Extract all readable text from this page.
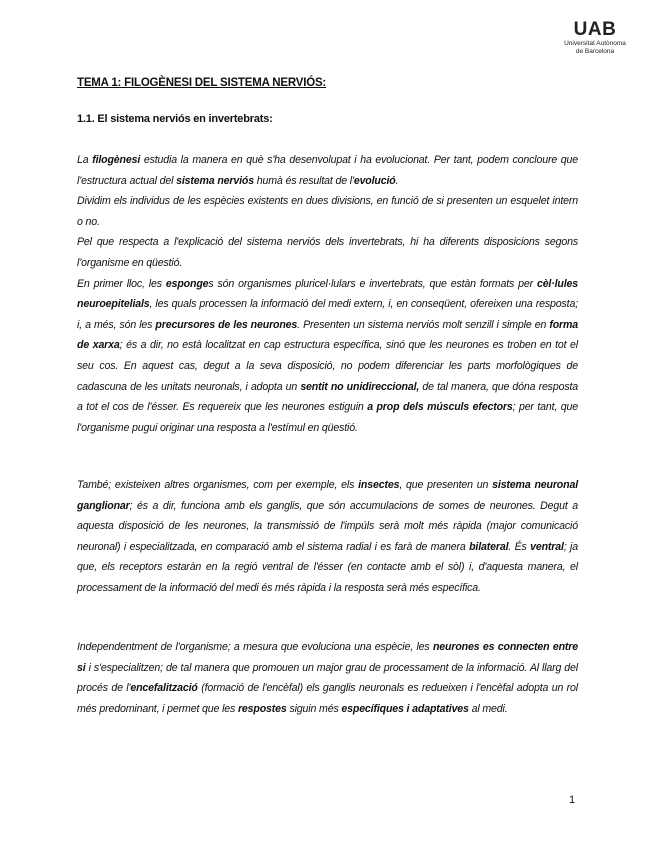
UAB
Universitat Autònoma
de Barcelona
TEMA 1: FILOGÈNESI DEL SISTEMA NERVIÓS:
1.1. El sistema nerviós en invertebrats:

La filogènesi estudia la manera en què s'ha desenvolupat i ha evolucionat. Per tant, podem concloure que l'estructura actual del sistema nerviós humà és resultat de l'evolució.

Dividim els individus de les espècies existents en dues divisions, en funció de si presenten un esquelet intern o no.

Pel que respecta a l'explicació del sistema nerviós dels invertebrats, hi ha diferents disposicions segons l'organisme en qüestió.

En primer lloc, les esponges són organismes pluricel·lulars e invertebrats, que estàn formats per cèl·lules neuroepitelials, les quals processen la informació del medi extern, i, en conseqüent, ofereixen una resposta; i, a més, són les precursores de les neurones. Presenten un sistema nerviós molt senzill i simple en forma de xarxa; és a dir, no està localitzat en cap estructura específica, sinó que les neurones es troben en tot el seu cos. En aquest cas, degut a la seva disposició, no podem diferenciar les parts morfològiques de cadascuna de les unitats neuronals, i adopta un sentit no unidireccional, de tal manera, que dóna resposta a tot el cos de l'ésser. Es requereix que les neurones estiguin a prop dels músculs efectors; per tant, que l'organisme pugui originar una resposta a l'estímul en qüestió.

També; existeixen altres organismes, com per exemple, els insectes, que presenten un sistema neuronal ganglionar; és a dir, funciona amb els ganglis, que són accumulacions de somes de neurones. Degut a aquesta disposició de les neurones, la transmissió de l'impúls serà molt més ràpida (major comunicació neuronal) i especialitzada, en comparació amb el sistema radial i es farà de manera bilateral. És ventral; ja que, els receptors estaràn en la regió ventral de l'ésser (en contacte amb el sòl) i, d'aquesta manera, el processament de la informació del medi és més ràpida i la resposta serà més específica.

Independentment de l'organisme; a mesura que evoluciona una espècie, les neurones es connecten entre si i s'especialitzen; de tal manera que promouen un major grau de processament de la informació. Al llarg del procés de l'encefalització (formació de l'encèfal) els ganglis neuronals es redueixen i l'encèfal adopta un rol més predominant, i permet que les respostes siguin més específiques i adaptatives al medi.

1
